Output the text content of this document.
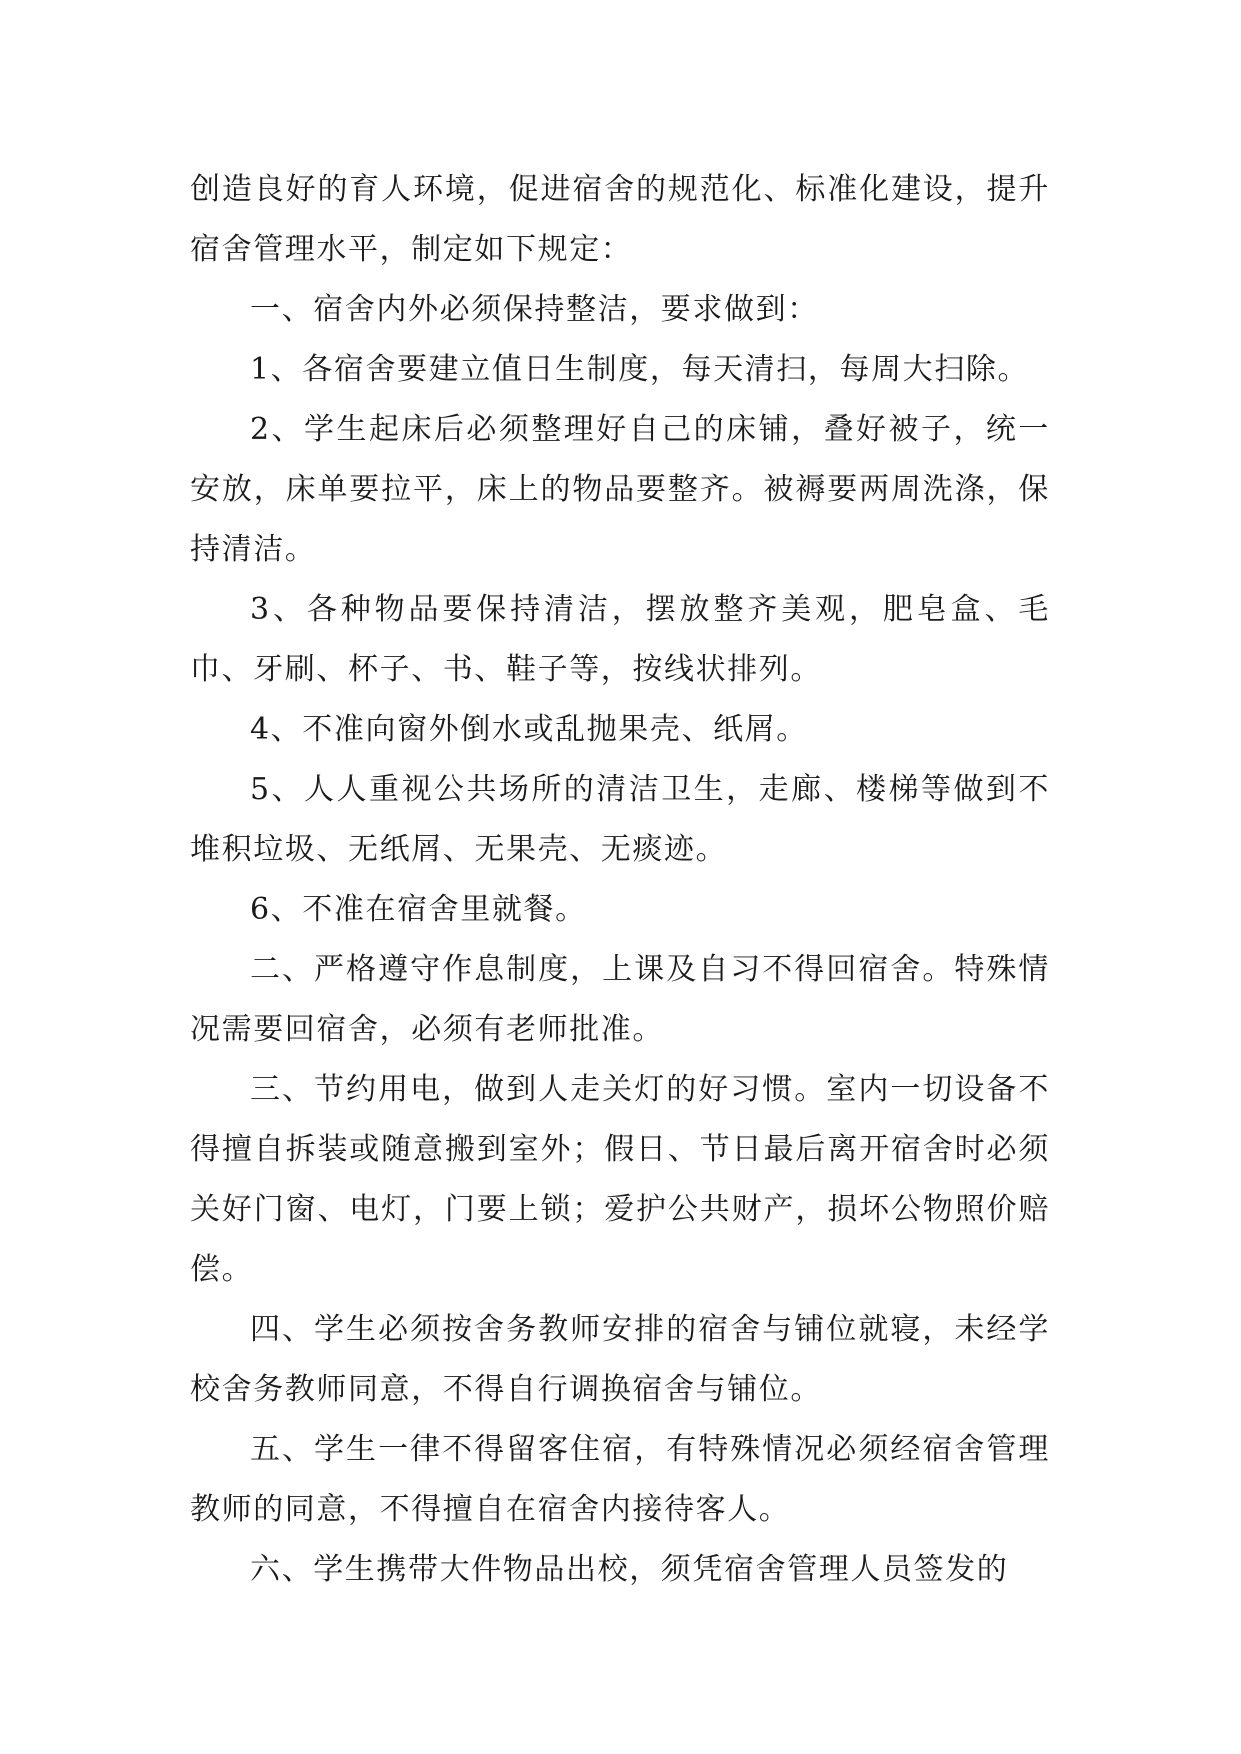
创造良好的育人环境，促进宿舍的规范化、标准化建设，提升宿舍管理水平，制定如下规定：

一、宿舍内外必须保持整洁，要求做到：

1、各宿舍要建立值日生制度，每天清扫，每周大扫除。

2、学生起床后必须整理好自己的床铺，叠好被子，统一安放，床单要拉平，床上的物品要整齐。被褥要两周洗涤，保持清洁。

3、各种物品要保持清洁，摆放整齐美观，肥皂盒、毛巾、牙刷、杯子、书、鞋子等，按线状排列。

4、不准向窗外倒水或乱抛果壳、纸屑。

5、人人重视公共场所的清洁卫生，走廊、楼梯等做到不堆积垃圾、无纸屑、无果壳、无痰迹。

6、不准在宿舍里就餐。

二、严格遵守作息制度，上课及自习不得回宿舍。特殊情况需要回宿舍，必须有老师批准。

三、节约用电，做到人走关灯的好习惯。室内一切设备不得擅自拆装或随意搬到室外；假日、节日最后离开宿舍时必须关好门窗、电灯，门要上锁；爱护公共财产，损坏公物照价赔偿。

四、学生必须按舍务教师安排的宿舍与铺位就寝，未经学校舍务教师同意，不得自行调换宿舍与铺位。

五、学生一律不得留客住宿，有特殊情况必须经宿舍管理教师的同意，不得擅自在宿舍内接待客人。

六、学生携带大件物品出校，须凭宿舍管理人员签发的
